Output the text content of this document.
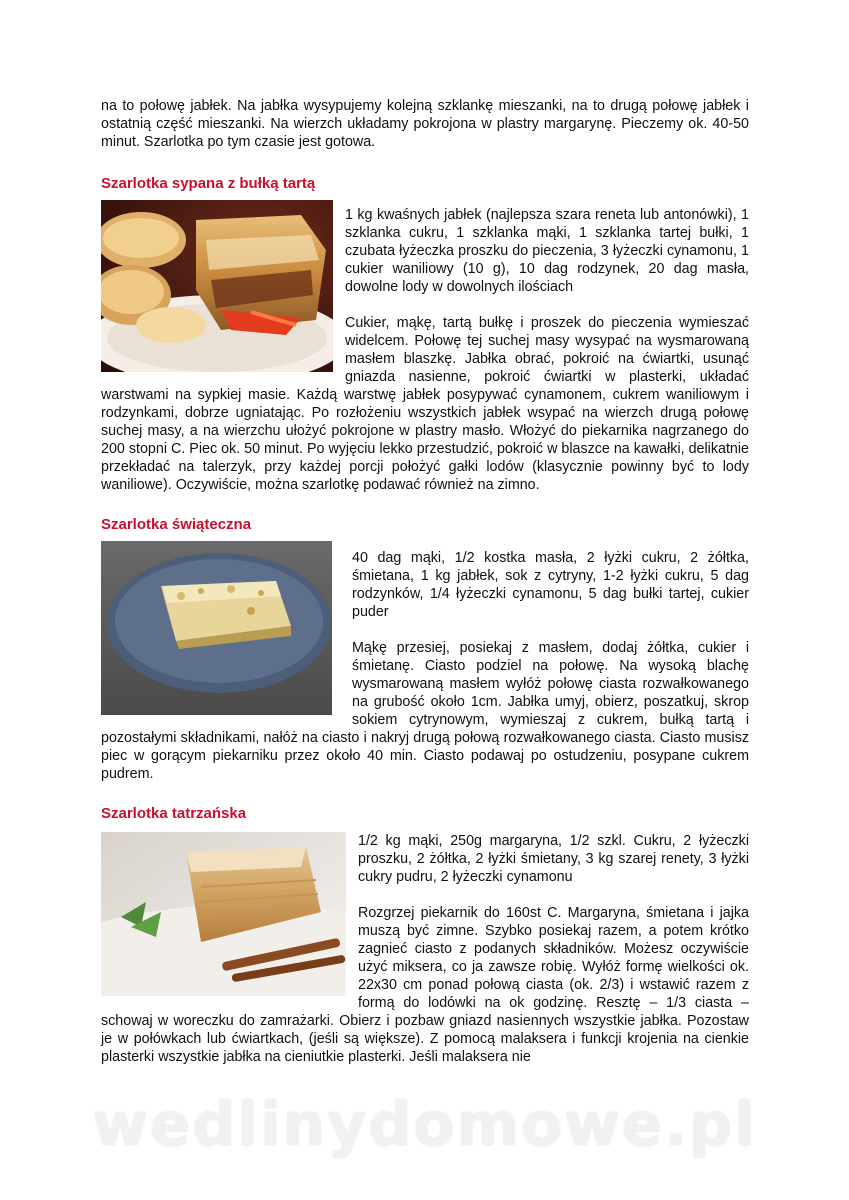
na to połowę jabłek. Na jabłka wysypujemy kolejną szklankę mieszanki, na to drugą połowę jabłek i ostatnią część mieszanki. Na wierzch układamy pokrojona w plastry margarynę. Pieczemy ok. 40-50 minut. Szarlotka po tym czasie jest gotowa.

Szarlotka sypana z bułką tartą

1 kg kwaśnych jabłek (najlepsza szara reneta lub antonówki), 1 szklanka cukru, 1 szklanka mąki, 1 szklanka tartej bułki, 1 czubata łyżeczka proszku do pieczenia, 3 łyżeczki cynamonu, 1 cukier waniliowy (10 g), 10 dag rodzynek, 20 dag masła, dowolne lody w dowolnych ilościach

Cukier, mąkę, tartą bułkę i proszek do pieczenia wymieszać widelcem. Połowę tej suchej masy wysypać na wysmarowaną masłem blaszkę. Jabłka obrać, pokroić na ćwiartki, usunąć gniazda nasienne, pokroić ćwiartki w plasterki, układać warstwami na sypkiej masie. Każdą warstwę jabłek posypywać cynamonem, cukrem waniliowym i rodzynkami, dobrze ugniatając. Po rozłożeniu wszystkich jabłek wsypać na wierzch drugą połowę suchej masy, a na wierzchu ułożyć pokrojone w plastry masło. Włożyć do piekarnika nagrzanego do 200 stopni C. Piec ok. 50 minut. Po wyjęciu lekko przestudzić, pokroić w blaszce na kawałki, delikatnie przekładać na talerzyk, przy każdej porcji położyć gałki lodów (klasycznie powinny być to lody waniliowe). Oczywiście, można szarlotkę podawać również na zimno.

Szarlotka świąteczna

40 dag mąki, 1/2 kostka masła, 2 łyżki cukru, 2 żółtka, śmietana, 1 kg jabłek, sok z cytryny, 1-2 łyżki cukru, 5 dag rodzynków, 1/4 łyżeczki cynamonu, 5 dag bułki tartej, cukier puder

Mąkę przesiej, posiekaj z masłem, dodaj żółtka, cukier i śmietanę. Ciasto podziel na połowę. Na wysoką blachę wysmarowaną masłem wyłóż połowę ciasta rozwałkowanego na grubość około 1cm. Jabłka umyj, obierz, poszatkuj, skrop sokiem cytrynowym, wymieszaj z cukrem, bułką tartą i pozostałymi składnikami, nałóż na ciasto i nakryj drugą połową rozwałkowanego ciasta. Ciasto musisz piec w gorącym piekarniku przez około 40 min. Ciasto podawaj po ostudzeniu, posypane cukrem pudrem.

Szarlotka tatrzańska

1/2 kg mąki, 250g margaryna, 1/2 szkl. Cukru, 2 łyżeczki proszku, 2 żółtka, 2 łyżki śmietany, 3 kg szarej renety, 3 łyżki cukry pudru, 2 łyżeczki cynamonu

Rozgrzej piekarnik do 160st C. Margaryna, śmietana i jajka muszą być zimne. Szybko posiekaj razem, a potem krótko zagnieć ciasto z podanych składników. Możesz oczywiście użyć miksera, co ja zawsze robię. Wyłóż formę wielkości ok. 22x30 cm ponad połową ciasta (ok. 2/3) i wstawić razem z formą do lodówki na ok godzinę. Resztę – 1/3 ciasta – schowaj w woreczku do zamrażarki. Obierz i pozbaw gniazd nasiennych wszystkie jabłka. Pozostaw je w połówkach lub ćwiartkach, (jeśli są większe). Z pomocą malaksera i funkcji krojenia na cienkie plasterki wszystkie jabłka na cieniutkie plasterki. Jeśli malaksera nie

wedlinydomowe.pl
